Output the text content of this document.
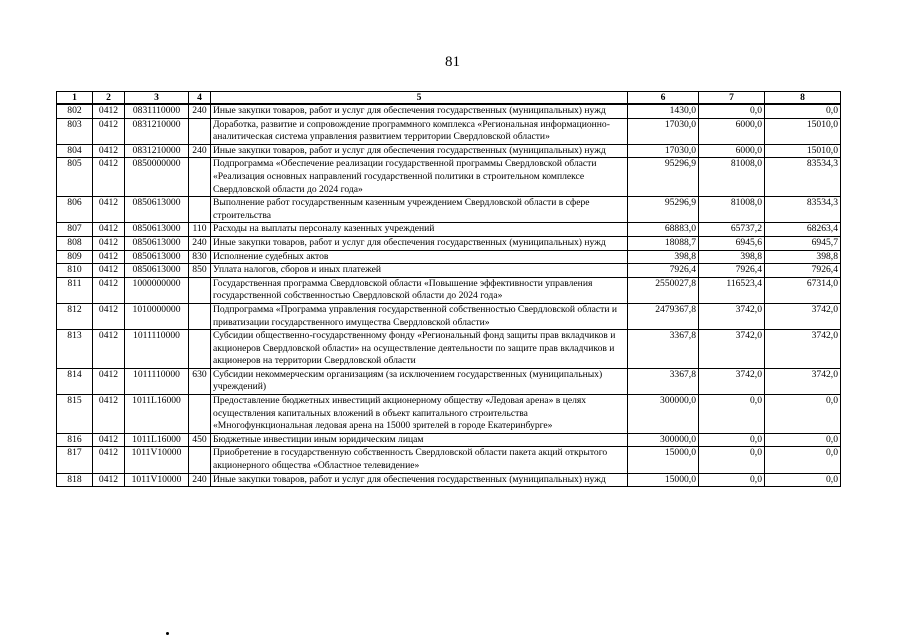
81
1	2	3	4	5	6	7	8
802	0412	0831110000	240	Иные закупки товаров, работ и услуг для обеспечения государственных (муниципальных) нужд	1430,0	0,0	0,0
803	0412	0831210000		Доработка, развитие и сопровождение программного комплекса «Региональная информационно-аналитическая система управления развитием территории Свердловской области»	17030,0	6000,0	15010,0
804	0412	0831210000	240	Иные закупки товаров, работ и услуг для обеспечения государственных (муниципальных) нужд	17030,0	6000,0	15010,0
805	0412	0850000000		Подпрограмма «Обеспечение реализации государственной программы Свердловской области «Реализация основных направлений государственной политики в строительном комплексе Свердловской области до 2024 года»	95296,9	81008,0	83534,3
806	0412	0850613000		Выполнение работ государственным казенным учреждением Свердловской области в сфере строительства	95296,9	81008,0	83534,3
807	0412	0850613000	110	Расходы на выплаты персоналу казенных учреждений	68883,0	65737,2	68263,4
808	0412	0850613000	240	Иные закупки товаров, работ и услуг для обеспечения государственных (муниципальных) нужд	18088,7	6945,6	6945,7
809	0412	0850613000	830	Исполнение судебных актов	398,8	398,8	398,8
810	0412	0850613000	850	Уплата налогов, сборов и иных платежей	7926,4	7926,4	7926,4
811	0412	1000000000		Государственная программа Свердловской области «Повышение эффективности управления государственной собственностью Свердловской области до 2024 года»	2550027,8	116523,4	67314,0
812	0412	1010000000		Подпрограмма «Программа управления государственной собственностью Свердловской области и приватизации государственного имущества Свердловской области»	2479367,8	3742,0	3742,0
813	0412	1011110000		Субсидии общественно-государственному фонду «Региональный фонд защиты прав вкладчиков и акционеров Свердловской области» на осуществление деятельности по защите прав вкладчиков и акционеров на территории Свердловской области	3367,8	3742,0	3742,0
814	0412	1011110000	630	Субсидии некоммерческим организациям (за исключением государственных (муниципальных) учреждений)	3367,8	3742,0	3742,0
815	0412	1011L16000		Предоставление бюджетных инвестиций акционерному обществу «Ледовая арена» в целях осуществления капитальных вложений в объект капитального строительства «Многофункциональная ледовая арена на 15000 зрителей в городе Екатеринбурге»	300000,0	0,0	0,0
816	0412	1011L16000	450	Бюджетные инвестиции иным юридическим лицам	300000,0	0,0	0,0
817	0412	1011V10000		Приобретение в государственную собственность Свердловской области пакета акций открытого акционерного общества «Областное телевидение»	15000,0	0,0	0,0
818	0412	1011V10000	240	Иные закупки товаров, работ и услуг для обеспечения государственных (муниципальных) нужд	15000,0	0,0	0,0
